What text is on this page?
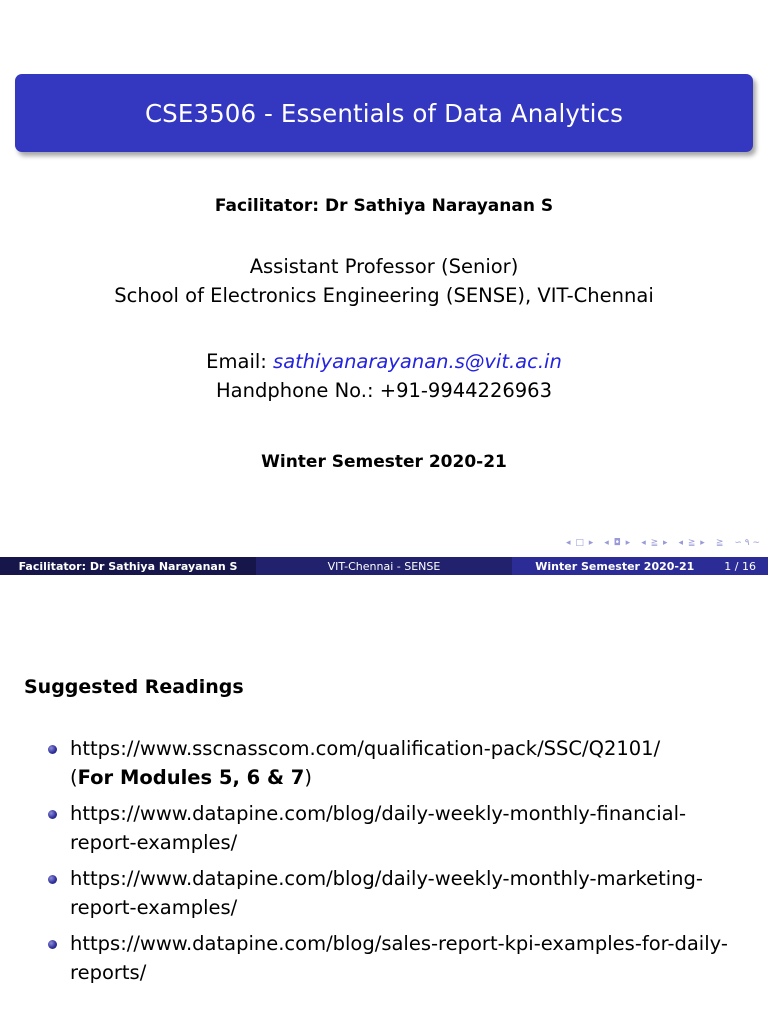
CSE3506 - Essentials of Data Analytics
Facilitator: Dr Sathiya Narayanan S
Assistant Professor (Senior)
School of Electronics Engineering (SENSE), VIT-Chennai
Email: sathiyanarayanan.s@vit.ac.in
Handphone No.: +91-9944226963
Winter Semester 2020-21
◂ □ ▸ ◂ ◘ ▸ ◂ ≧ ▸ ◂ ≧ ▸ ≧ ∽ ۹ ∼
Facilitator: Dr Sathiya Narayanan S	VIT-Chennai - SENSE	Winter Semester 2020-21	1 / 16
Suggested Readings
https://www.sscnasscom.com/qualification-pack/SSC/Q2101/
(For Modules 5, 6 & 7)
https://www.datapine.com/blog/daily-weekly-monthly-financial-report-examples/
https://www.datapine.com/blog/daily-weekly-monthly-marketing-report-examples/
https://www.datapine.com/blog/sales-report-kpi-examples-for-daily-reports/
